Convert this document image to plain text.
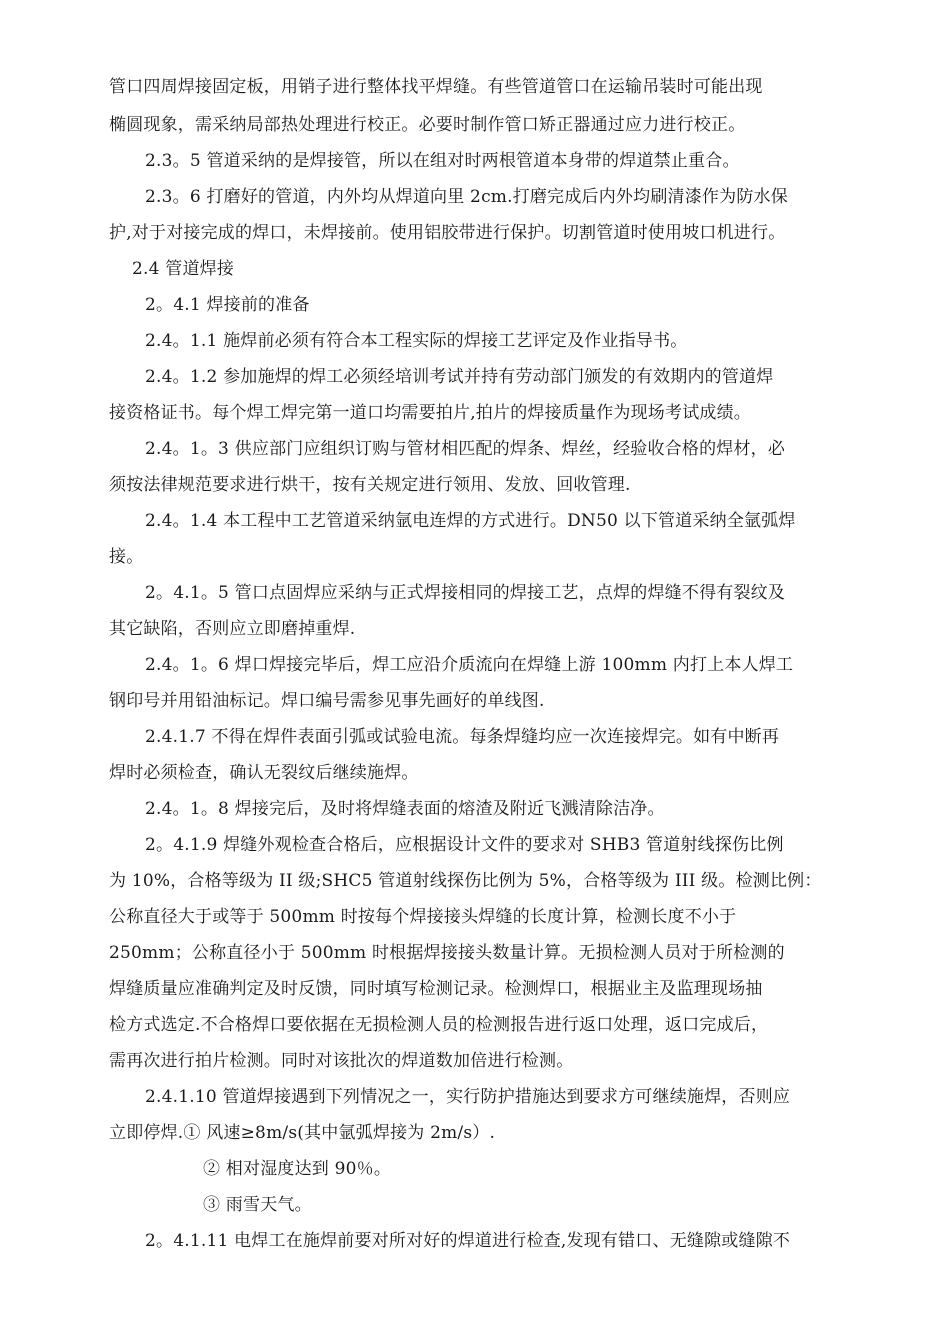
管口四周焊接固定板，用销子进行整体找平焊缝。有些管道管口在运输吊装时可能出现
椭圆现象，需采纳局部热处理进行校正。必要时制作管口矫正器通过应力进行校正。
2.3。5 管道采纳的是焊接管，所以在组对时两根管道本身带的焊道禁止重合。
2.3。6 打磨好的管道，内外均从焊道向里 2cm.打磨完成后内外均刷清漆作为防水保
护,对于对接完成的焊口，未焊接前。使用铝胶带进行保护。切割管道时使用坡口机进行。
2.4 管道焊接
2。4.1 焊接前的准备
2.4。1.1 施焊前必须有符合本工程实际的焊接工艺评定及作业指导书。
2.4。1.2 参加施焊的焊工必须经培训考试并持有劳动部门颁发的有效期内的管道焊
接资格证书。每个焊工焊完第一道口均需要拍片,拍片的焊接质量作为现场考试成绩。
2.4。1。3 供应部门应组织订购与管材相匹配的焊条、焊丝，经验收合格的焊材，必
须按法律规范要求进行烘干，按有关规定进行领用、发放、回收管理.
2.4。1.4 本工程中工艺管道采纳氩电连焊的方式进行。DN50 以下管道采纳全氩弧焊
接。
2。4.1。5 管口点固焊应采纳与正式焊接相同的焊接工艺，点焊的焊缝不得有裂纹及
其它缺陷，否则应立即磨掉重焊.
2.4。1。6 焊口焊接完毕后，焊工应沿介质流向在焊缝上游 100mm 内打上本人焊工
钢印号并用铅油标记。焊口编号需参见事先画好的单线图.
2.4.1.7 不得在焊件表面引弧或试验电流。每条焊缝均应一次连接焊完。如有中断再
焊时必须检查，确认无裂纹后继续施焊。
2.4。1。8 焊接完后，及时将焊缝表面的熔渣及附近飞溅清除洁净。
2。4.1.9 焊缝外观检查合格后，应根据设计文件的要求对 SHB3 管道射线探伤比例
为 10%，合格等级为 II 级;SHC5 管道射线探伤比例为 5%，合格等级为 III 级。检测比例：
公称直径大于或等于 500mm 时按每个焊接接头焊缝的长度计算，检测长度不小于
250mm；公称直径小于 500mm 时根据焊接接头数量计算。无损检测人员对于所检测的
焊缝质量应准确判定及时反馈，同时填写检测记录。检测焊口，根据业主及监理现场抽
检方式选定.不合格焊口要依据在无损检测人员的检测报告进行返口处理，返口完成后，
需再次进行拍片检测。同时对该批次的焊道数加倍进行检测。
2.4.1.10 管道焊接遇到下列情况之一，实行防护措施达到要求方可继续施焊，否则应
立即停焊.① 风速≥8m/s(其中氩弧焊接为 2m/s）.
② 相对湿度达到 90％。
③ 雨雪天气。
2。4.1.11 电焊工在施焊前要对所对好的焊道进行检查,发现有错口、无缝隙或缝隙不
